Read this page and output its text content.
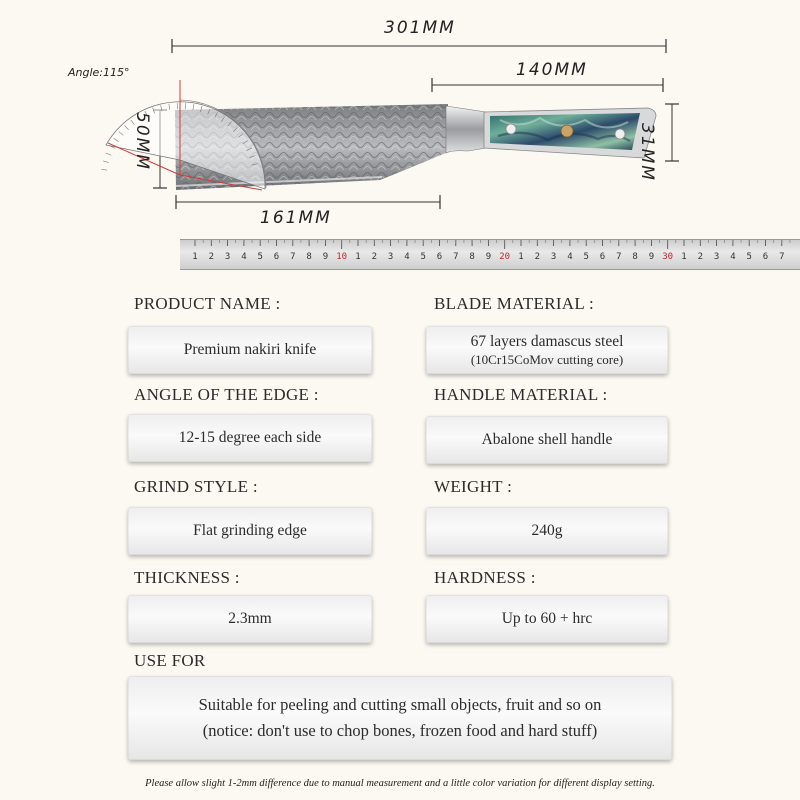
301MM
140MM
161MM
Angle:115°
31MM
50MM
1 2 3 4 5 6 7 8 9 10 1 2 3 4 5 6 7 8 9 20 1 2 3 4 5 6 7 8 9 30 1 2 3 4 5 6 7
PRODUCT NAME :	BLADE MATERIAL :
Premium nakiri knife	67 layers damascus steel
(10Cr15CoMov cutting core)
ANGLE OF THE EDGE :	HANDLE MATERIAL :
12-15 degree each side	Abalone shell handle
GRIND STYLE :	WEIGHT :
Flat grinding edge	240g
THICKNESS :	HARDNESS :
2.3mm	Up to 60 + hrc
USE FOR
Suitable for peeling and cutting small objects, fruit and so on
(notice: don't use to chop bones, frozen food and hard stuff)
Please allow slight 1-2mm difference due to manual measurement and a little color variation for different display setting.
